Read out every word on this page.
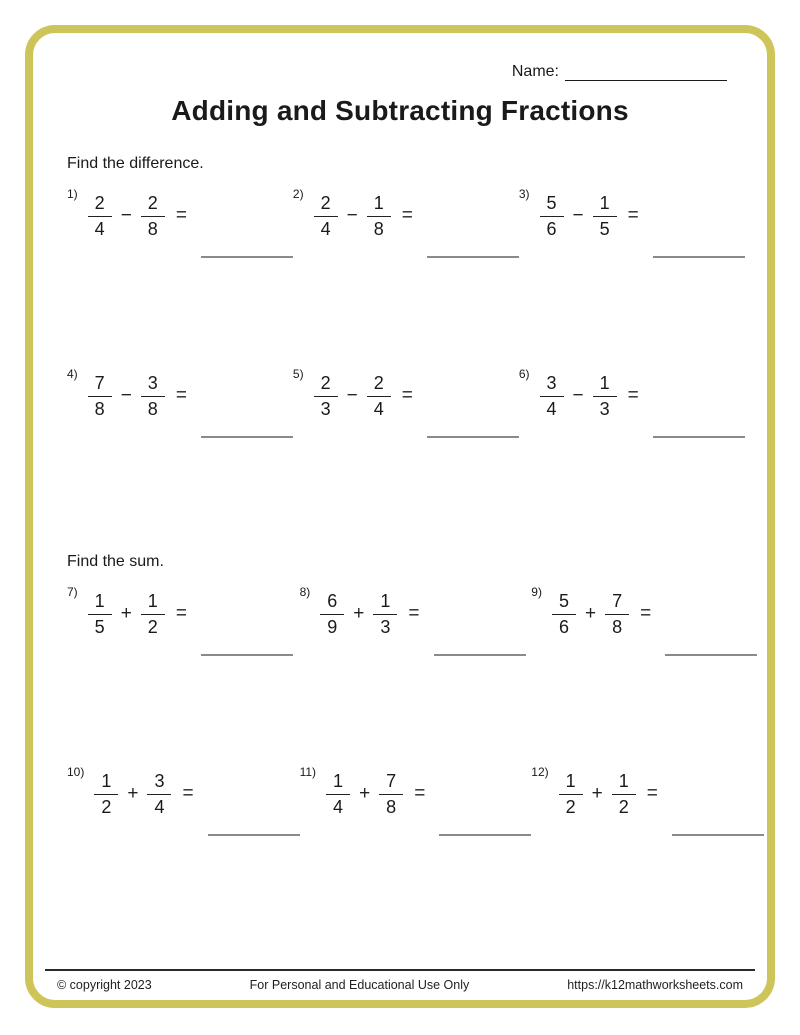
Name:
Adding and Subtracting Fractions
Find the difference.
$1) \frac{2}{4} - \frac{2}{8}$ =
$2) \frac{2}{4} - \frac{1}{8}$ =
$3) \frac{5}{6} - \frac{1}{5}$ =
$4) \frac{7}{8} - \frac{3}{8}$ =
$5) \frac{2}{3} - \frac{2}{4}$ =
$6) \frac{3}{4} - \frac{1}{3}$ =
Find the sum.
$7) \frac{1}{5} + \frac{1}{2}$ =
$8) \frac{6}{9} + \frac{1}{3}$ =
$9) \frac{5}{6} + \frac{7}{8}$ =
$10) \frac{1}{2} + \frac{3}{4}$ =
$11) \frac{1}{4} + \frac{7}{8}$ =
$12) \frac{1}{2} + \frac{1}{2}$ =
© copyright 2023	For Personal and Educational Use Only	https://k12mathworksheets.com
